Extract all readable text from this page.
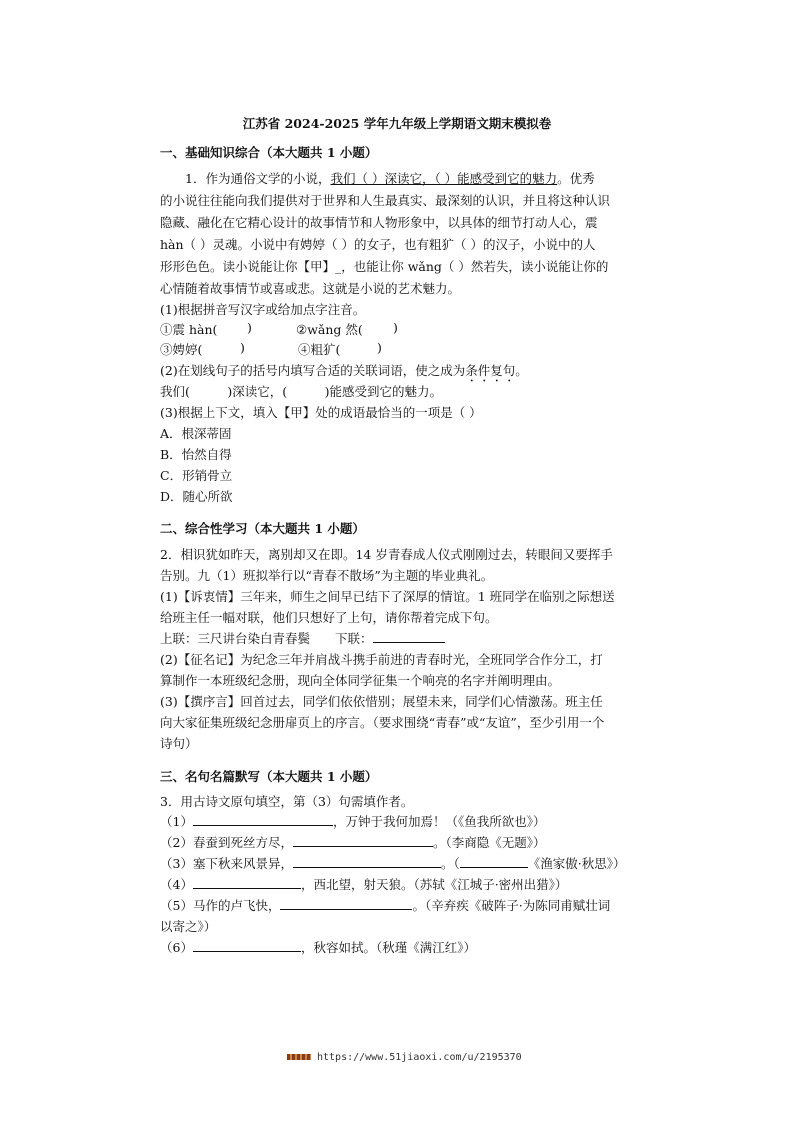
江苏省 2024-2025 学年九年级上学期语文期末模拟卷

一、基础知识综合（本大题共 1 小题）

1．作为通俗文学的小说，我们（ ）深读它，（ ）能感受到它的魅力。优秀

的小说往往能向我们提供对于世界和人生最真实、最深刻的认识，并且将这种认识

隐藏、融化在它精心设计的故事情节和人物形象中，以具体的细节打动人心，震

hàn（ ）灵魂。小说中有娉婷（ ）的女子，也有粗犷（ ）的汉子，小说中的人

形形色色。读小说能让你【甲】_，也能让你 wǎng（ ）然若失，读小说能让你的

心情随着故事情节或喜或悲。这就是小说的艺术魅力。

(1)根据拼音写汉字或给加点字注音。

①震 hàn( )	②wǎng 然( )

③娉婷(	)	④粗犷(	)

(2)在划线句子的括号内填写合适的关联词语，使之成为条件复句。

我们(　　　)深读它，(　　　)能感受到它的魅力。

(3)根据上下文，填入【甲】处的成语最恰当的一项是（ ）

A．根深蒂固

B．怡然自得

C．形销骨立

D．随心所欲

二、综合性学习（本大题共 1 小题）

2．相识犹如昨天，离别却又在即。14 岁青春成人仪式刚刚过去，转眼间又要挥手

告别。九（1）班拟举行以“青春不散场”为主题的毕业典礼。

(1)【诉衷情】三年来，师生之间早已结下了深厚的情谊。1 班同学在临别之际想送

给班主任一幅对联，他们只想好了上句，请你帮着完成下句。

上联：三尺讲台染白青春鬓　　下联：

(2)【征名记】为纪念三年并肩战斗携手前进的青春时光，全班同学合作分工，打

算制作一本班级纪念册，现向全体同学征集一个响亮的名字并阐明理由。

(3)【撰序言】回首过去，同学们依依惜别；展望未来，同学们心情激荡。班主任

向大家征集班级纪念册扉页上的序言。（要求围绕“青春”或“友谊”，至少引用一个

诗句）

三、名句名篇默写（本大题共 1 小题）

3．用古诗文原句填空，第（3）句需填作者。

（1）	，万钟于我何加焉！（《鱼我所欲也》）

（2）春蚕到死丝方尽，	。（李商隐《无题》）

（3）塞下秋来风景异，	。（	《渔家傲·秋思》）

（4）	，西北望，射天狼。（苏轼《江城子·密州出猎》）

（5）马作的卢飞快，	。（辛弃疾《破阵子·为陈同甫赋壮词

以寄之》）

（6）	，秋容如拭。（秋瑾《满江红》）

https://www.51jiaoxi.com/u/2195370
